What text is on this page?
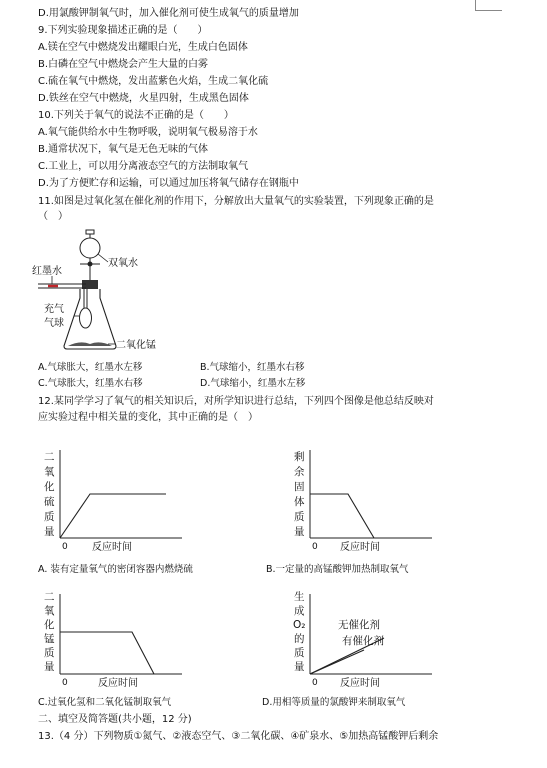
D.用氯酸钾制氧气时，加入催化剂可使生成氧气的质量增加
9.下列实验现象描述正确的是（　　）
A.镁在空气中燃烧发出耀眼白光，生成白色固体
B.白磷在空气中燃烧会产生大量的白雾
C.硫在氧气中燃烧，发出蓝紫色火焰，生成二氧化硫
D.铁丝在空气中燃烧，火星四射，生成黑色固体
10.下列关于氧气的说法不正确的是（　　）
A.氧气能供给水中生物呼吸，说明氧气极易溶于水
B.通常状况下，氧气是无色无味的气体
C.工业上，可以用分离液态空气的方法制取氧气
D.为了方便贮存和运输，可以通过加压将氧气储存在钢瓶中
11.如图是过氧化氢在催化剂的作用下，分解放出大量氧气的实验装置，下列现象正确的是
（　）
双氧水
红墨水
充气
气球
二氧化锰
A.气球胀大，红墨水左移	B.气球缩小，红墨水右移
C.气球胀大，红墨水右移	D.气球缩小，红墨水左移
12.某同学学习了氧气的相关知识后，对所学知识进行总结，下列四个图像是他总结反映对
应实验过程中相关量的变化，其中正确的是（　）
二
氧
化
硫
质
量
0 反应时间
剩
余
固
体
质
量
0 反应时间
A. 装有定量氧气的密闭容器内燃烧硫	B.一定量的高锰酸钾加热制取氧气
二
氧
化
锰
质
量
0	反应时间
生
成
O₂
的
质
量
0 反应时间
无催化剂
有催化剂
C.过氧化氢和二氧化锰制取氧气	D.用相等质量的氯酸钾来制取氧气
二、填空及简答题(共小题，12 分)
13.（4 分）下列物质①氮气、②液态空气、③二氧化碳、④矿泉水、⑤加热高锰酸钾后剩余
